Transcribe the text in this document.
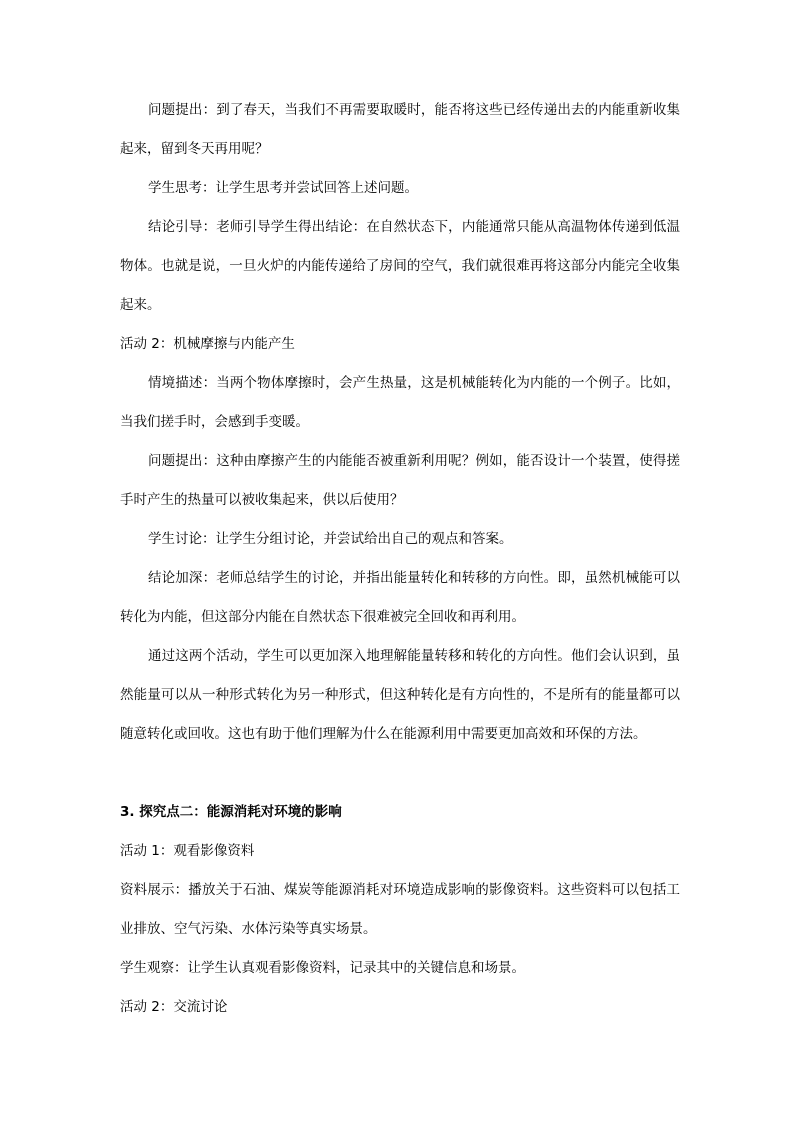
问题提出：到了春天，当我们不再需要取暖时，能否将这些已经传递出去的内能重新收集起来，留到冬天再用呢？

学生思考：让学生思考并尝试回答上述问题。

结论引导：老师引导学生得出结论：在自然状态下，内能通常只能从高温物体传递到低温物体。也就是说，一旦火炉的内能传递给了房间的空气，我们就很难再将这部分内能完全收集起来。

活动 2：机械摩擦与内能产生

情境描述：当两个物体摩擦时，会产生热量，这是机械能转化为内能的一个例子。比如，当我们搓手时，会感到手变暖。

问题提出：这种由摩擦产生的内能能否被重新利用呢？例如，能否设计一个装置，使得搓手时产生的热量可以被收集起来，供以后使用？

学生讨论：让学生分组讨论，并尝试给出自己的观点和答案。

结论加深：老师总结学生的讨论，并指出能量转化和转移的方向性。即，虽然机械能可以转化为内能，但这部分内能在自然状态下很难被完全回收和再利用。

通过这两个活动，学生可以更加深入地理解能量转移和转化的方向性。他们会认识到，虽然能量可以从一种形式转化为另一种形式，但这种转化是有方向性的，不是所有的能量都可以随意转化或回收。这也有助于他们理解为什么在能源利用中需要更加高效和环保的方法。

3. 探究点二：能源消耗对环境的影响

活动 1：观看影像资料

资料展示：播放关于石油、煤炭等能源消耗对环境造成影响的影像资料。这些资料可以包括工业排放、空气污染、水体污染等真实场景。

学生观察：让学生认真观看影像资料，记录其中的关键信息和场景。

活动 2：交流讨论
